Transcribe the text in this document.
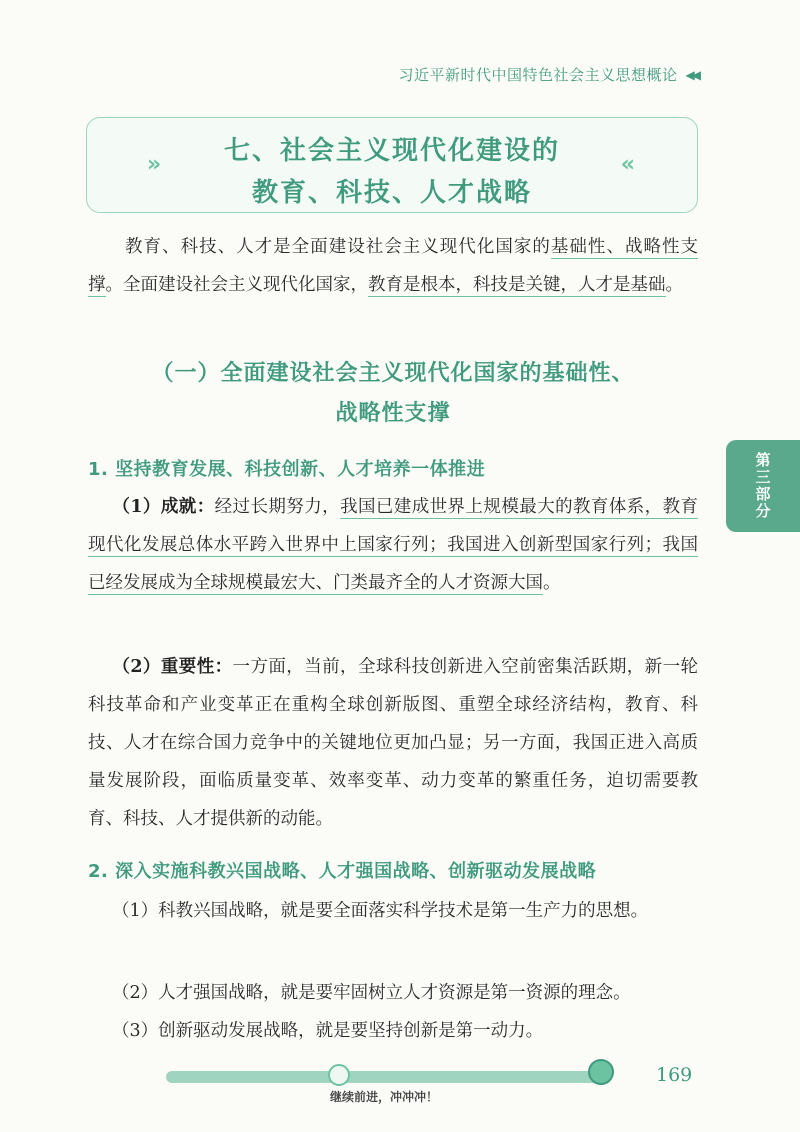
习近平新时代中国特色社会主义思想概论 ◀◀
»	七、社会主义现代化建设的
教育、科技、人才战略
«

教育、科技、人才是全面建设社会主义现代化国家的基础性、战略性支撑。全面建设社会主义现代化国家，教育是根本，科技是关键，人才是基础。

（一）全面建设社会主义现代化国家的基础性、
战略性支撑
1. 坚持教育发展、科技创新、人才培养一体推进

（1）成就：经过长期努力，我国已建成世界上规模最大的教育体系，教育现代化发展总体水平跨入世界中上国家行列；我国进入创新型国家行列；我国已经发展成为全球规模最宏大、门类最齐全的人才资源大国。

（2）重要性：一方面，当前，全球科技创新进入空前密集活跃期，新一轮科技革命和产业变革正在重构全球创新版图、重塑全球经济结构，教育、科技、人才在综合国力竞争中的关键地位更加凸显；另一方面，我国正进入高质量发展阶段，面临质量变革、效率变革、动力变革的繁重任务，迫切需要教育、科技、人才提供新的动能。

2. 深入实施科教兴国战略、人才强国战略、创新驱动发展战略

（1）科教兴国战略，就是要全面落实科学技术是第一生产力的思想。

（2）人才强国战略，就是要牢固树立人才资源是第一资源的理念。

（3）创新驱动发展战略，就是要坚持创新是第一动力。

第三部分
继续前进，冲冲冲！
169
